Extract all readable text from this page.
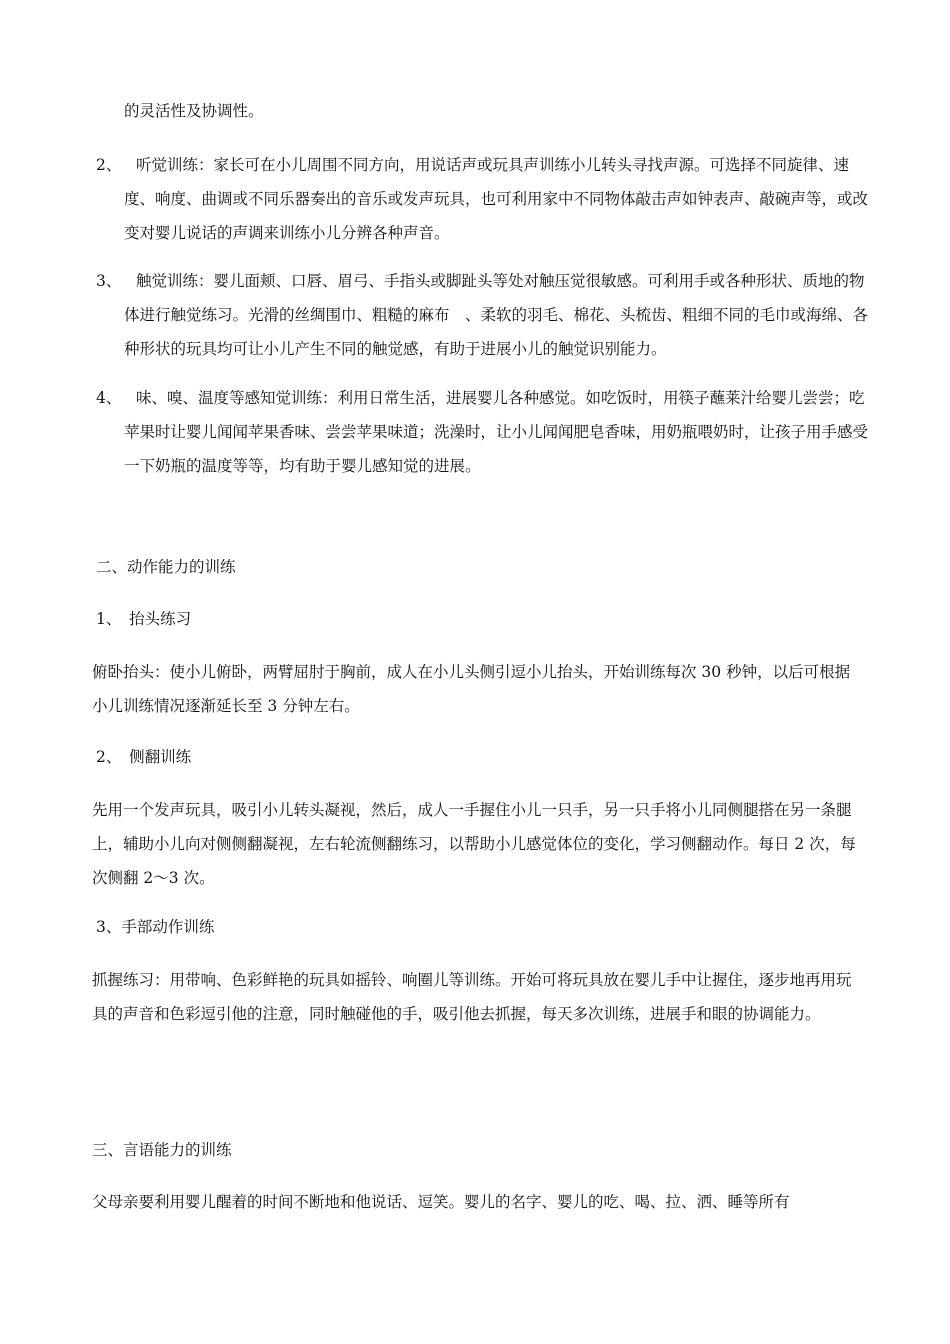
的灵活性及协调性。

2、 听觉训练：家长可在小儿周围不同方向，用说话声或玩具声训练小儿转头寻找声源。可选择不同旋律、速度、响度、曲调或不同乐器奏出的音乐或发声玩具，也可利用家中不同物体敲击声如钟表声、敲碗声等，或改变对婴儿说话的声调来训练小儿分辨各种声音。

3、 触觉训练：婴儿面颊、口唇、眉弓、手指头或脚趾头等处对触压觉很敏感。可利用手或各种形状、质地的物体进行触觉练习。光滑的丝绸围巾、粗糙的麻布　、柔软的羽毛、棉花、头梳齿、粗细不同的毛巾或海绵、各种形状的玩具均可让小儿产生不同的触觉感，有助于进展小儿的触觉识别能力。

4、 味、嗅、温度等感知觉训练：利用日常生活，进展婴儿各种感觉。如吃饭时，用筷子蘸莱汁给婴儿尝尝；吃苹果时让婴儿闻闻苹果香味、尝尝苹果味道；洗澡时，让小儿闻闻肥皂香味，用奶瓶喂奶时，让孩子用手感受一下奶瓶的温度等等，均有助于婴儿感知觉的进展。

二、动作能力的训练

1、　抬头练习

俯卧抬头：使小儿俯卧，两臂屈肘于胸前，成人在小儿头侧引逗小儿抬头，开始训练每次 30 秒钟，以后可根据小儿训练情况逐渐延长至 3 分钟左右。

2、　侧翻训练

先用一个发声玩具，吸引小儿转头凝视，然后，成人一手握住小儿一只手，另一只手将小儿同侧腿搭在另一条腿上，辅助小儿向对侧侧翻凝视，左右轮流侧翻练习，以帮助小儿感觉体位的变化，学习侧翻动作。每日 2 次，每次侧翻 2～3 次。

3、手部动作训练

抓握练习：用带响、色彩鲜艳的玩具如摇铃、响圈儿等训练。开始可将玩具放在婴儿手中让握住，逐步地再用玩具的声音和色彩逗引他的注意，同时触碰他的手，吸引他去抓握，每天多次训练，进展手和眼的协调能力。

三、言语能力的训练

父母亲要利用婴儿醒着的时间不断地和他说话、逗笑。婴儿的名字、婴儿的吃、喝、拉、洒、睡等所有
